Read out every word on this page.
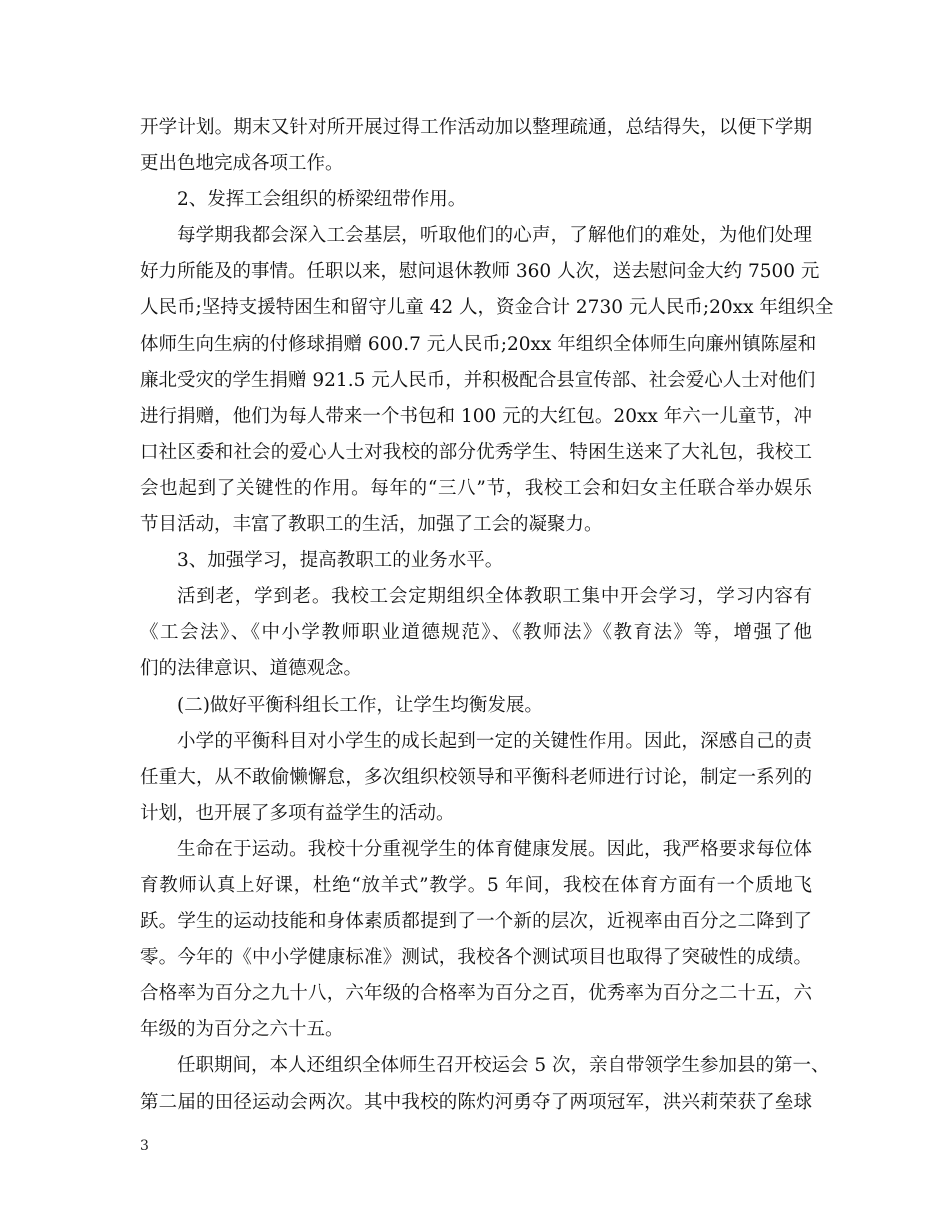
开学计划。期末又针对所开展过得工作活动加以整理疏通，总结得失，以便下学期
更出色地完成各项工作。
2、发挥工会组织的桥梁纽带作用。
每学期我都会深入工会基层，听取他们的心声，了解他们的难处，为他们处理
好力所能及的事情。任职以来，慰问退休教师 360 人次，送去慰问金大约 7500 元
人民币;坚持支援特困生和留守儿童 42 人，资金合计 2730 元人民币;20xx 年组织全
体师生向生病的付修球捐赠 600.7 元人民币;20xx 年组织全体师生向廉州镇陈屋和
廉北受灾的学生捐赠 921.5 元人民币，并积极配合县宣传部、社会爱心人士对他们
进行捐赠，他们为每人带来一个书包和 100 元的大红包。20xx 年六一儿童节，冲
口社区委和社会的爱心人士对我校的部分优秀学生、特困生送来了大礼包，我校工
会也起到了关键性的作用。每年的“三八”节，我校工会和妇女主任联合举办娱乐
节目活动，丰富了教职工的生活，加强了工会的凝聚力。
3、加强学习，提高教职工的业务水平。
活到老，学到老。我校工会定期组织全体教职工集中开会学习，学习内容有
《工会法》、《中小学教师职业道德规范》、《教师法》《教育法》等，增强了他
们的法律意识、道德观念。
(二)做好平衡科组长工作，让学生均衡发展。
小学的平衡科目对小学生的成长起到一定的关键性作用。因此，深感自己的责
任重大，从不敢偷懒懈怠，多次组织校领导和平衡科老师进行讨论，制定一系列的
计划，也开展了多项有益学生的活动。
生命在于运动。我校十分重视学生的体育健康发展。因此，我严格要求每位体
育教师认真上好课，杜绝“放羊式”教学。5 年间，我校在体育方面有一个质地飞
跃。学生的运动技能和身体素质都提到了一个新的层次，近视率由百分之二降到了
零。今年的《中小学健康标准》测试，我校各个测试项目也取得了突破性的成绩。
合格率为百分之九十八，六年级的合格率为百分之百，优秀率为百分之二十五，六
年级的为百分之六十五。
任职期间，本人还组织全体师生召开校运会 5 次，亲自带领学生参加县的第一、
第二届的田径运动会两次。其中我校的陈灼河勇夺了两项冠军，洪兴莉荣获了垒球
3
